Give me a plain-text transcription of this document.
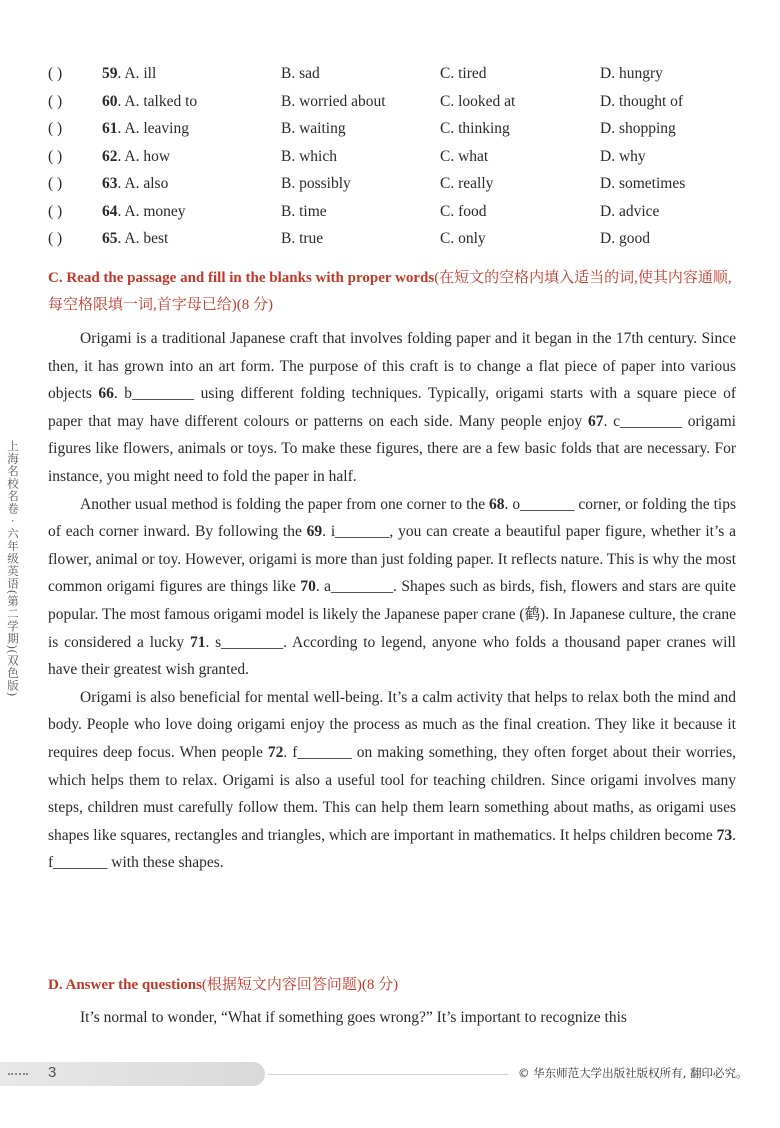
( )	59. A. ill	B. sad	C. tired	D. hungry
( )	60. A. talked to	B. worried about	C. looked at	D. thought of
( )	61. A. leaving	B. waiting	C. thinking	D. shopping
( )	62. A. how	B. which	C. what	D. why
( )	63. A. also	B. possibly	C. really	D. sometimes
( )	64. A. money	B. time	C. food	D. advice
( )	65. A. best	B. true	C. only	D. good
C. Read the passage and fill in the blanks with proper words(在短文的空格内填入适当的词,使其内容通顺,每空格限填一词,首字母已给)(8 分)

Origami is a traditional Japanese craft that involves folding paper and it began in the 17th century. Since then, it has grown into an art form. The purpose of this craft is to change a flat piece of paper into various objects 66. b________ using different folding techniques. Typically, origami starts with a square piece of paper that may have different colours or patterns on each side. Many people enjoy 67. c________ origami figures like flowers, animals or toys. To make these figures, there are a few basic folds that are necessary. For instance, you might need to fold the paper in half.

Another usual method is folding the paper from one corner to the 68. o_______ corner, or folding the tips of each corner inward. By following the 69. i_______, you can create a beautiful paper figure, whether it’s a flower, animal or toy. However, origami is more than just folding paper. It reflects nature. This is why the most common origami figures are things like 70. a________. Shapes such as birds, fish, flowers and stars are quite popular. The most famous origami model is likely the Japanese paper crane (鹤). In Japanese culture, the crane is considered a lucky 71. s________. According to legend, anyone who folds a thousand paper cranes will have their greatest wish granted.

Origami is also beneficial for mental well-being. It’s a calm activity that helps to relax both the mind and body. People who love doing origami enjoy the process as much as the final creation. They like it because it requires deep focus. When people 72. f_______ on making something, they often forget about their worries, which helps them to relax. Origami is also a useful tool for teaching children. Since origami involves many steps, children must carefully follow them. This can help them learn something about maths, as origami uses shapes like squares, rectangles and triangles, which are important in mathematics. It helps children become 73. f_______ with these shapes.

D. Answer the questions(根据短文内容回答问题)(8 分)

It’s normal to wonder, “What if something goes wrong?” It’s important to recognize this

上海名校名卷 · 六年级英语(第二学期)(双色版)
3	© 华东师范大学出版社版权所有, 翻印必究。
